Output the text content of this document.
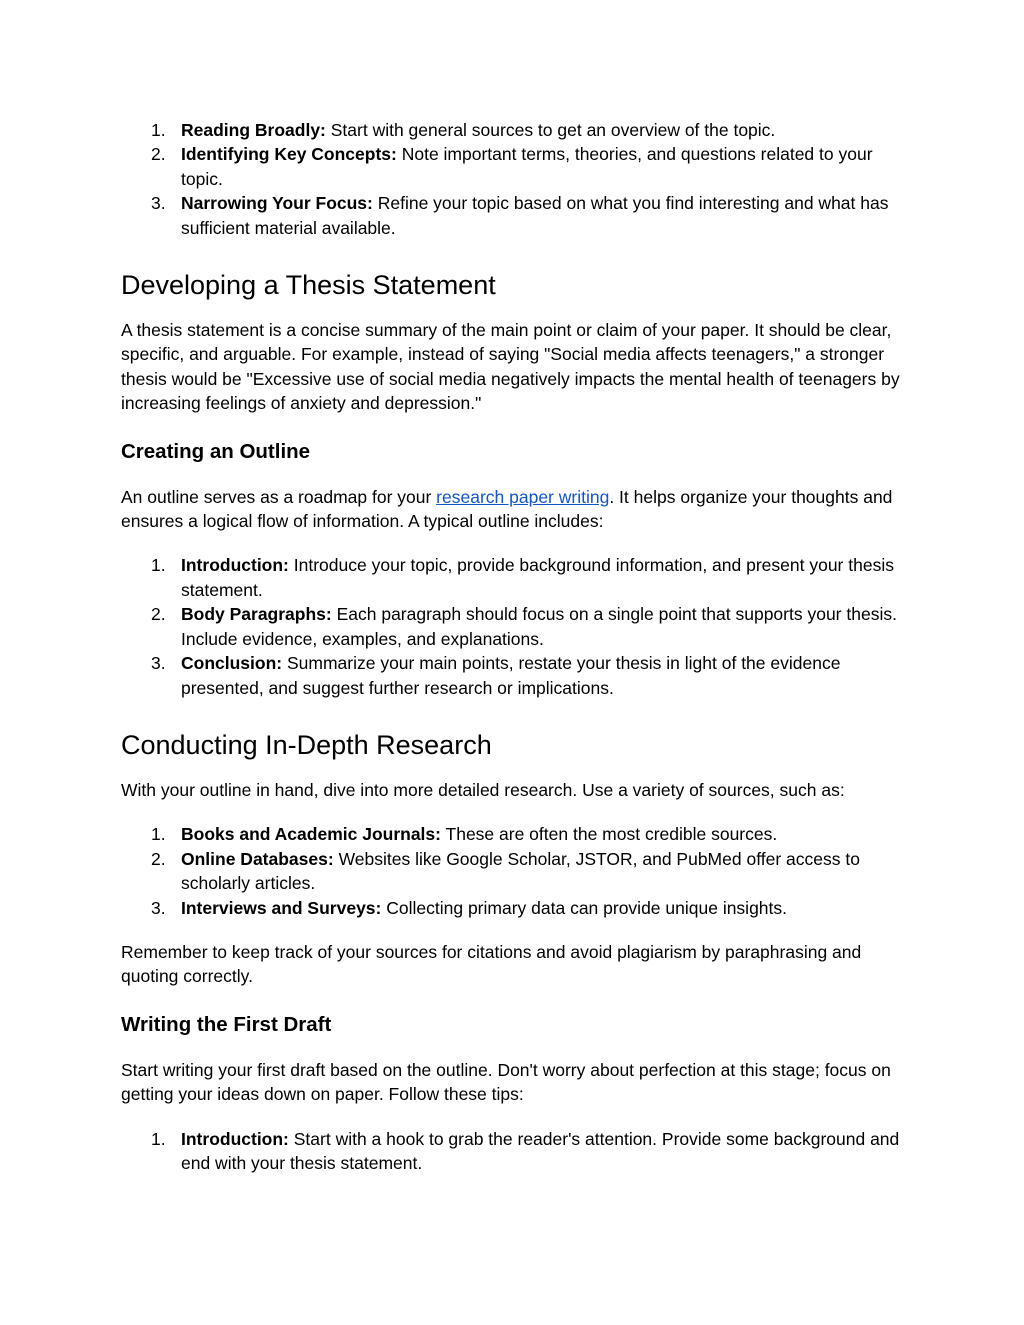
1. Reading Broadly: Start with general sources to get an overview of the topic.
2. Identifying Key Concepts: Note important terms, theories, and questions related to your topic.
3. Narrowing Your Focus: Refine your topic based on what you find interesting and what has sufficient material available.
Developing a Thesis Statement

A thesis statement is a concise summary of the main point or claim of your paper. It should be clear, specific, and arguable. For example, instead of saying "Social media affects teenagers," a stronger thesis would be "Excessive use of social media negatively impacts the mental health of teenagers by increasing feelings of anxiety and depression."

Creating an Outline

An outline serves as a roadmap for your research paper writing. It helps organize your thoughts and ensures a logical flow of information. A typical outline includes:

1. Introduction: Introduce your topic, provide background information, and present your thesis statement.
2. Body Paragraphs: Each paragraph should focus on a single point that supports your thesis. Include evidence, examples, and explanations.
3. Conclusion: Summarize your main points, restate your thesis in light of the evidence presented, and suggest further research or implications.
Conducting In-Depth Research

With your outline in hand, dive into more detailed research. Use a variety of sources, such as:

1. Books and Academic Journals: These are often the most credible sources.
2. Online Databases: Websites like Google Scholar, JSTOR, and PubMed offer access to scholarly articles.
3. Interviews and Surveys: Collecting primary data can provide unique insights.

Remember to keep track of your sources for citations and avoid plagiarism by paraphrasing and quoting correctly.

Writing the First Draft

Start writing your first draft based on the outline. Don't worry about perfection at this stage; focus on getting your ideas down on paper. Follow these tips:

1. Introduction: Start with a hook to grab the reader's attention. Provide some background and end with your thesis statement.
